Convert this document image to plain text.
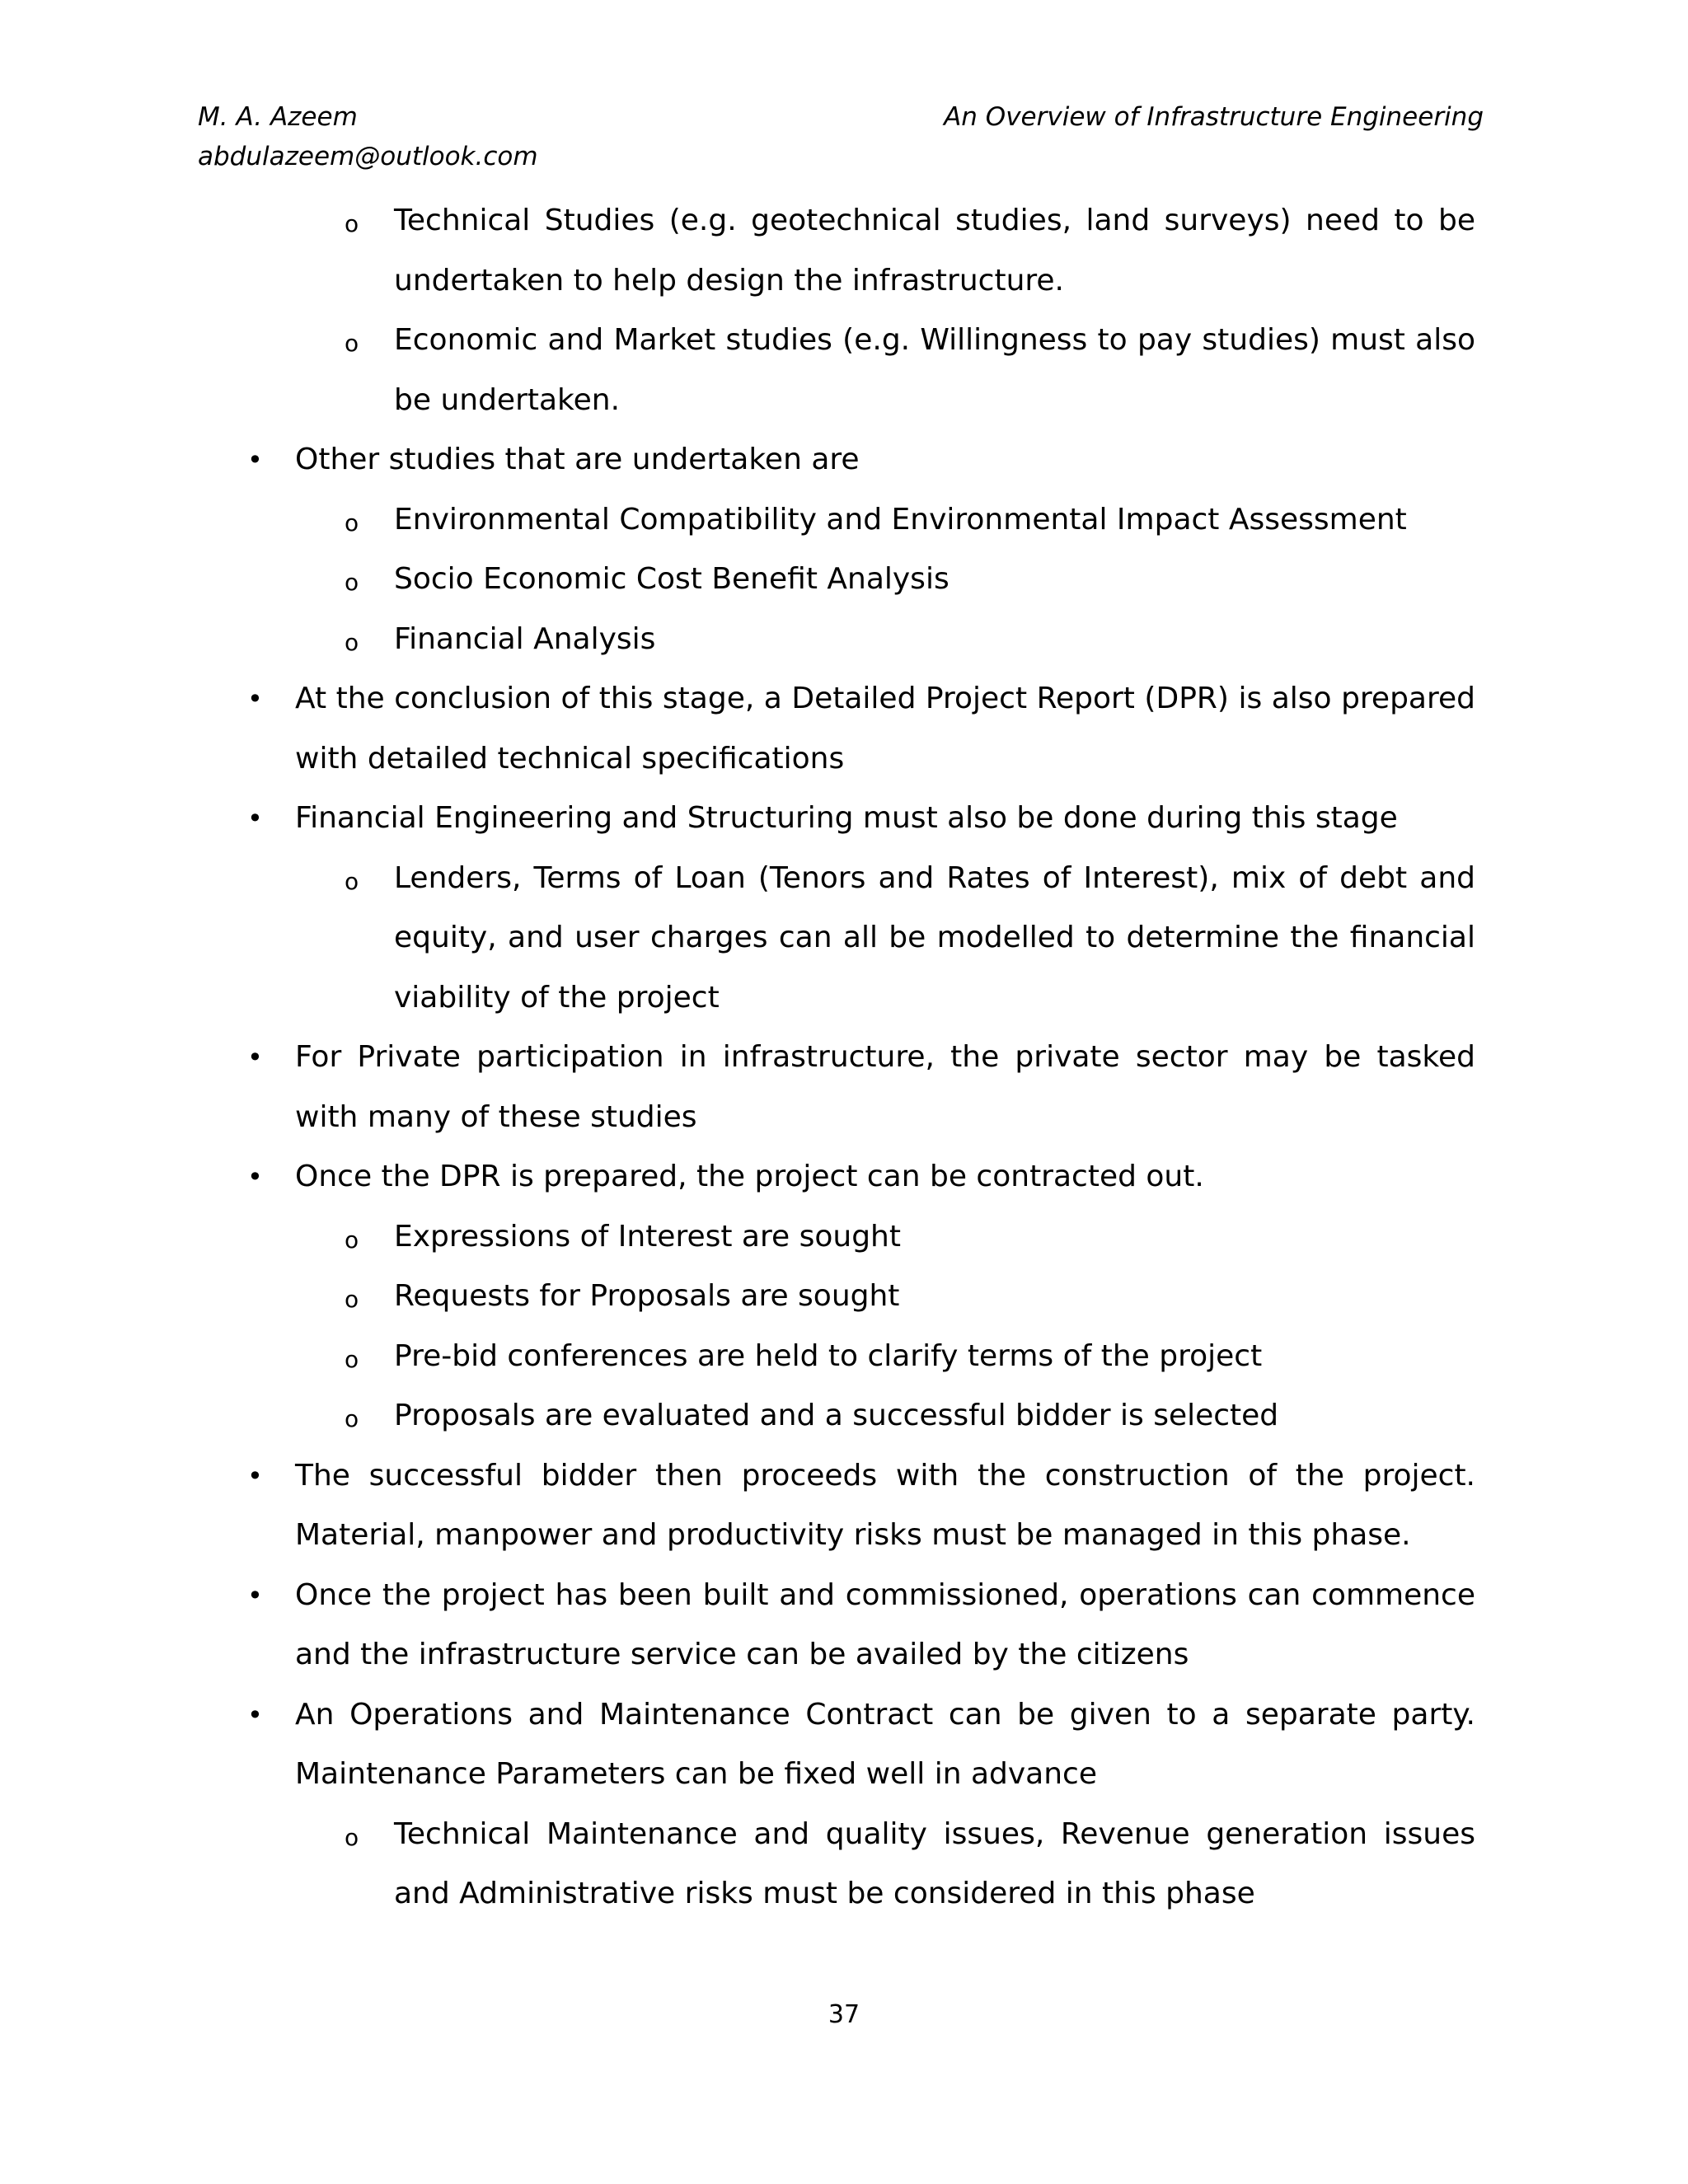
M. A. Azeem
abdulazeem@outlook.com
An Overview of Infrastructure Engineering
o Technical Studies (e.g. geotechnical studies, land surveys) need to be undertaken to help design the infrastructure.
o Economic and Market studies (e.g. Willingness to pay studies) must also be undertaken.
• Other studies that are undertaken are
o Environmental Compatibility and Environmental Impact Assessment
o Socio Economic Cost Benefit Analysis
o Financial Analysis
• At the conclusion of this stage, a Detailed Project Report (DPR) is also prepared with detailed technical specifications
• Financial Engineering and Structuring must also be done during this stage
o Lenders, Terms of Loan (Tenors and Rates of Interest), mix of debt and equity, and user charges can all be modelled to determine the financial viability of the project
• For Private participation in infrastructure, the private sector may be tasked with many of these studies
• Once the DPR is prepared, the project can be contracted out.
o Expressions of Interest are sought
o Requests for Proposals are sought
o Pre-bid conferences are held to clarify terms of the project
o Proposals are evaluated and a successful bidder is selected
• The successful bidder then proceeds with the construction of the project. Material, manpower and productivity risks must be managed in this phase.
• Once the project has been built and commissioned, operations can commence and the infrastructure service can be availed by the citizens
• An Operations and Maintenance Contract can be given to a separate party. Maintenance Parameters can be fixed well in advance
o Technical Maintenance and quality issues, Revenue generation issues and Administrative risks must be considered in this phase
37
